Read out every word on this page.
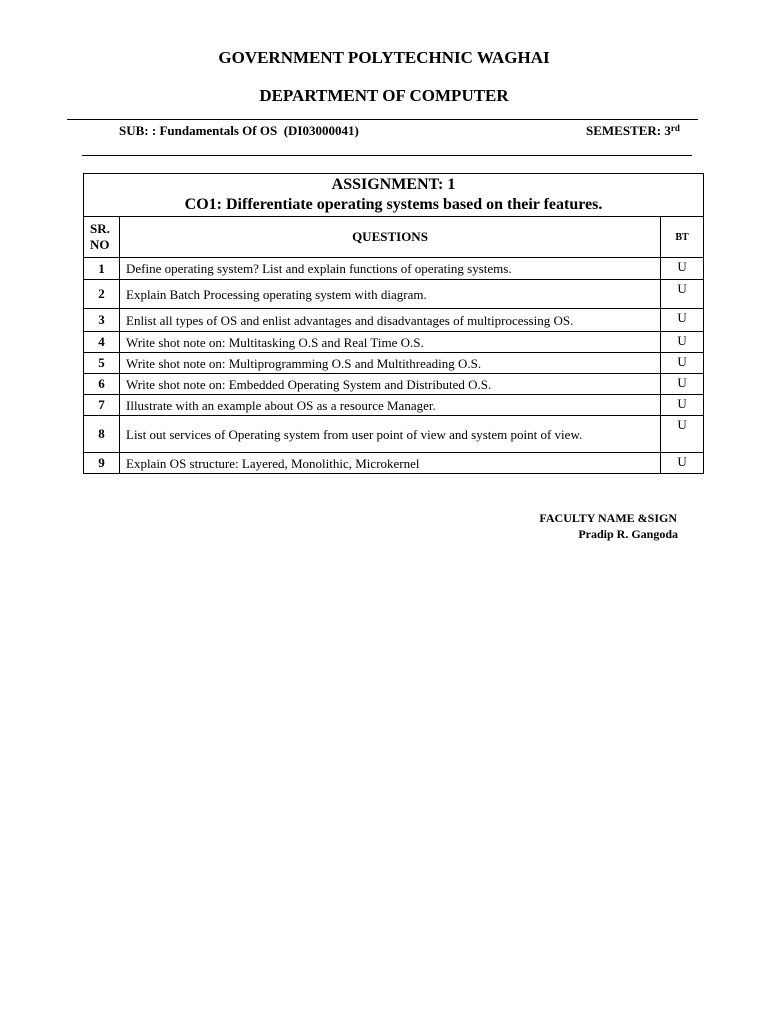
GOVERNMENT POLYTECHNIC WAGHAI
DEPARTMENT OF COMPUTER
SUB: : Fundamentals Of OS  (DI03000041)	SEMESTER: 3rd
ASSIGNMENT: 1
CO1: Differentiate operating systems based on their features.		

SR.
NO	QUESTIONS	BT
1	Define operating system? List and explain functions of operating systems.	U
2	Explain Batch Processing operating system with diagram.	U
3	Enlist all types of OS and enlist advantages and disadvantages of multiprocessing OS.	U
4	Write shot note on: Multitasking O.S and Real Time O.S.	U
5	Write shot note on: Multiprogramming O.S and Multithreading O.S.	U
6	Write shot note on: Embedded Operating System and Distributed O.S.	U
7	Illustrate with an example about OS as a resource Manager.	U
8	List out services of Operating system from user point of view and system point of view.	U
9	Explain OS structure: Layered, Monolithic, Microkernel	U
FACULTY NAME &SIGN
Pradip R. Gangoda
